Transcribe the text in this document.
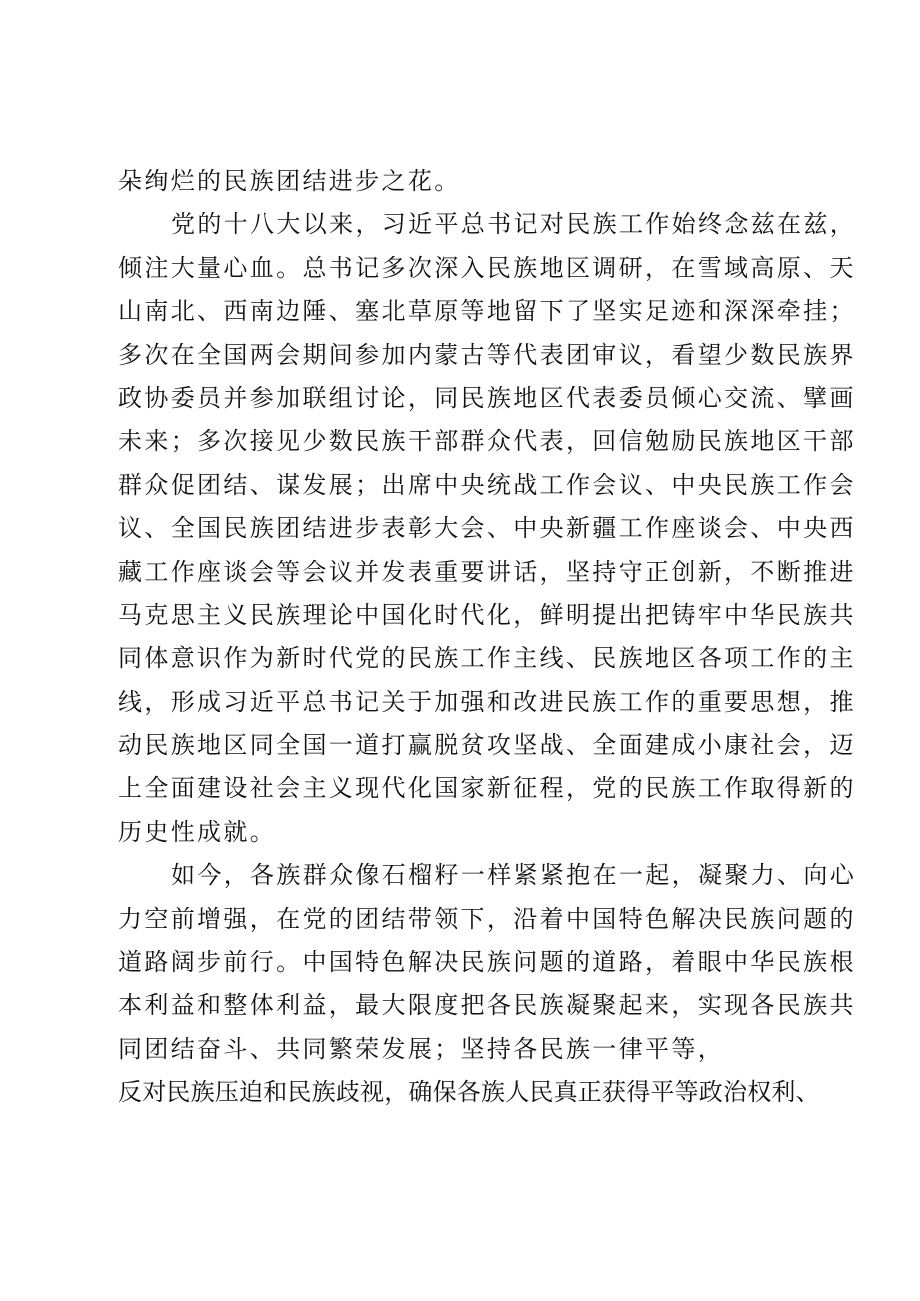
朵绚烂的民族团结进步之花。
党的十八大以来，习近平总书记对民族工作始终念兹在兹，
倾注大量心血。总书记多次深入民族地区调研，在雪域高原、天
山南北、西南边陲、塞北草原等地留下了坚实足迹和深深牵挂；
多次在全国两会期间参加内蒙古等代表团审议，看望少数民族界
政协委员并参加联组讨论，同民族地区代表委员倾心交流、擘画
未来；多次接见少数民族干部群众代表，回信勉励民族地区干部
群众促团结、谋发展；出席中央统战工作会议、中央民族工作会
议、全国民族团结进步表彰大会、中央新疆工作座谈会、中央西
藏工作座谈会等会议并发表重要讲话，坚持守正创新，不断推进
马克思主义民族理论中国化时代化，鲜明提出把铸牢中华民族共
同体意识作为新时代党的民族工作主线、民族地区各项工作的主
线，形成习近平总书记关于加强和改进民族工作的重要思想，推
动民族地区同全国一道打赢脱贫攻坚战、全面建成小康社会，迈
上全面建设社会主义现代化国家新征程，党的民族工作取得新的
历史性成就。
如今，各族群众像石榴籽一样紧紧抱在一起，凝聚力、向心
力空前增强，在党的团结带领下，沿着中国特色解决民族问题的
道路阔步前行。中国特色解决民族问题的道路，着眼中华民族根
本利益和整体利益，最大限度把各民族凝聚起来，实现各民族共
同团结奋斗、共同繁荣发展；坚持各民族一律平等，
反对民族压迫和民族歧视，确保各族人民真正获得平等政治权利、
